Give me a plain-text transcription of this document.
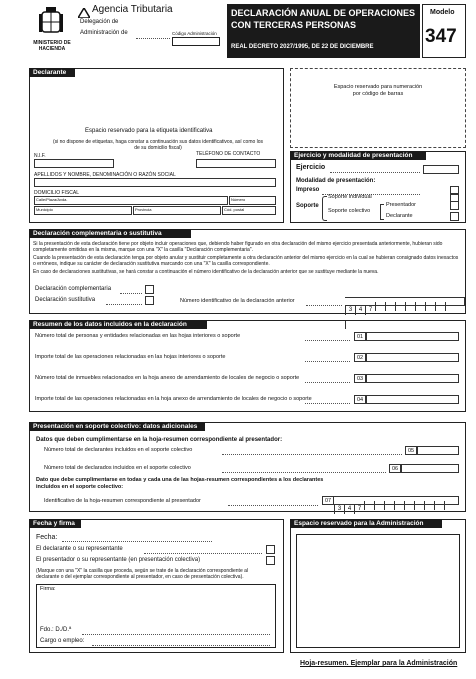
MINISTERIO DE HACIENDA
Agencia Tributaria
Delegación de
Administración de	Código Administración
DECLARACIÓN ANUAL DE OPERACIONES
CON TERCERAS PERSONAS
REAL DECRETO 2027/1995, DE 22 DE DICIEMBRE
Modelo
347
Declarante
Espacio reservado para la etiqueta identificativa
(si no dispone de etiquetas, haga constar a continuación sus datos identificativos, así como los de su domicilio fiscal)
N.I.F.	TELÉFONO DE CONTACTO
APELLIDOS Y NOMBRE, DENOMINACIÓN O RAZÓN SOCIAL
DOMICILIO FISCAL
Calle/Plaza/Avda.	Número
Municipio	Provincia	Cód. postal
Espacio reservado para numeración
por código de barras
Ejercicio y modalidad de presentación
Ejercicio
Modalidad de presentación:
Impreso
Soporte
Soporte individual
Soporte colectivo
Presentador
Declarante
Declaración complementaria o sustitutiva
Si la presentación de esta declaración tiene por objeto incluir operaciones que, debiendo haber figurado en otra declaración del mismo ejercicio presentada anteriormente, hubieran sido completamente omitidas en la misma, marque con una "X" la casilla "Declaración complementaria".
Cuando la presentación de esta declaración tenga por objeto anular y sustituir completamente a otra declaración anterior del mismo ejercicio en la cual se hubieran consignado datos inexactos o erróneos, indique su carácter de declaración sustitutiva marcando con una "X" la casilla correspondiente.
En caso de declaraciones sustitutivas, se hará constar a continuación el número identificativo de la declaración anterior que se sustituye mediante la nueva.
Declaración complementaria
Declaración sustitutiva	Número identificativo de la declaración anterior
3 4 7
Resumen de los datos incluidos en la declaración
Número total de personas y entidades relacionadas en las hojas interiores o soporte	01
Importe total de las operaciones relacionadas en las hojas interiores o soporte	02
Número total de inmuebles relacionados en la hoja anexo de arrendamiento de locales de negocio o soporte	03
Importe total de las operaciones relacionadas en la hoja anexo de arrendamiento de locales de negocio o soporte	04
Presentación en soporte colectivo: datos adicionales
Datos que deben cumplimentarse en la hoja-resumen correspondiente al presentador:
Número total de declarantes incluidos en el soporte colectivo	05
Número total de declarados incluidos en el soporte colectivo	06
Dato que debe cumplimentarse en todas y cada una de las hojas-resumen correspondientes a los declarantes incluidos en el soporte colectivo:
Identificativo de la hoja-resumen correspondiente al presentador	07
3 4 7
Fecha y firma
Fecha:
El declarante o su representante
El presentador o su representante (en presentación colectiva)
(Marque con una "X" la casilla que proceda, según se trate de la declaración correspondiente al declarante o del ejemplar correspondiente al presentador, en caso de presentación colectiva).
Firma:
Fdo.: D./D.ª
Cargo o empleo:
Espacio reservado para la Administración
Hoja-resumen. Ejemplar para la Administración
